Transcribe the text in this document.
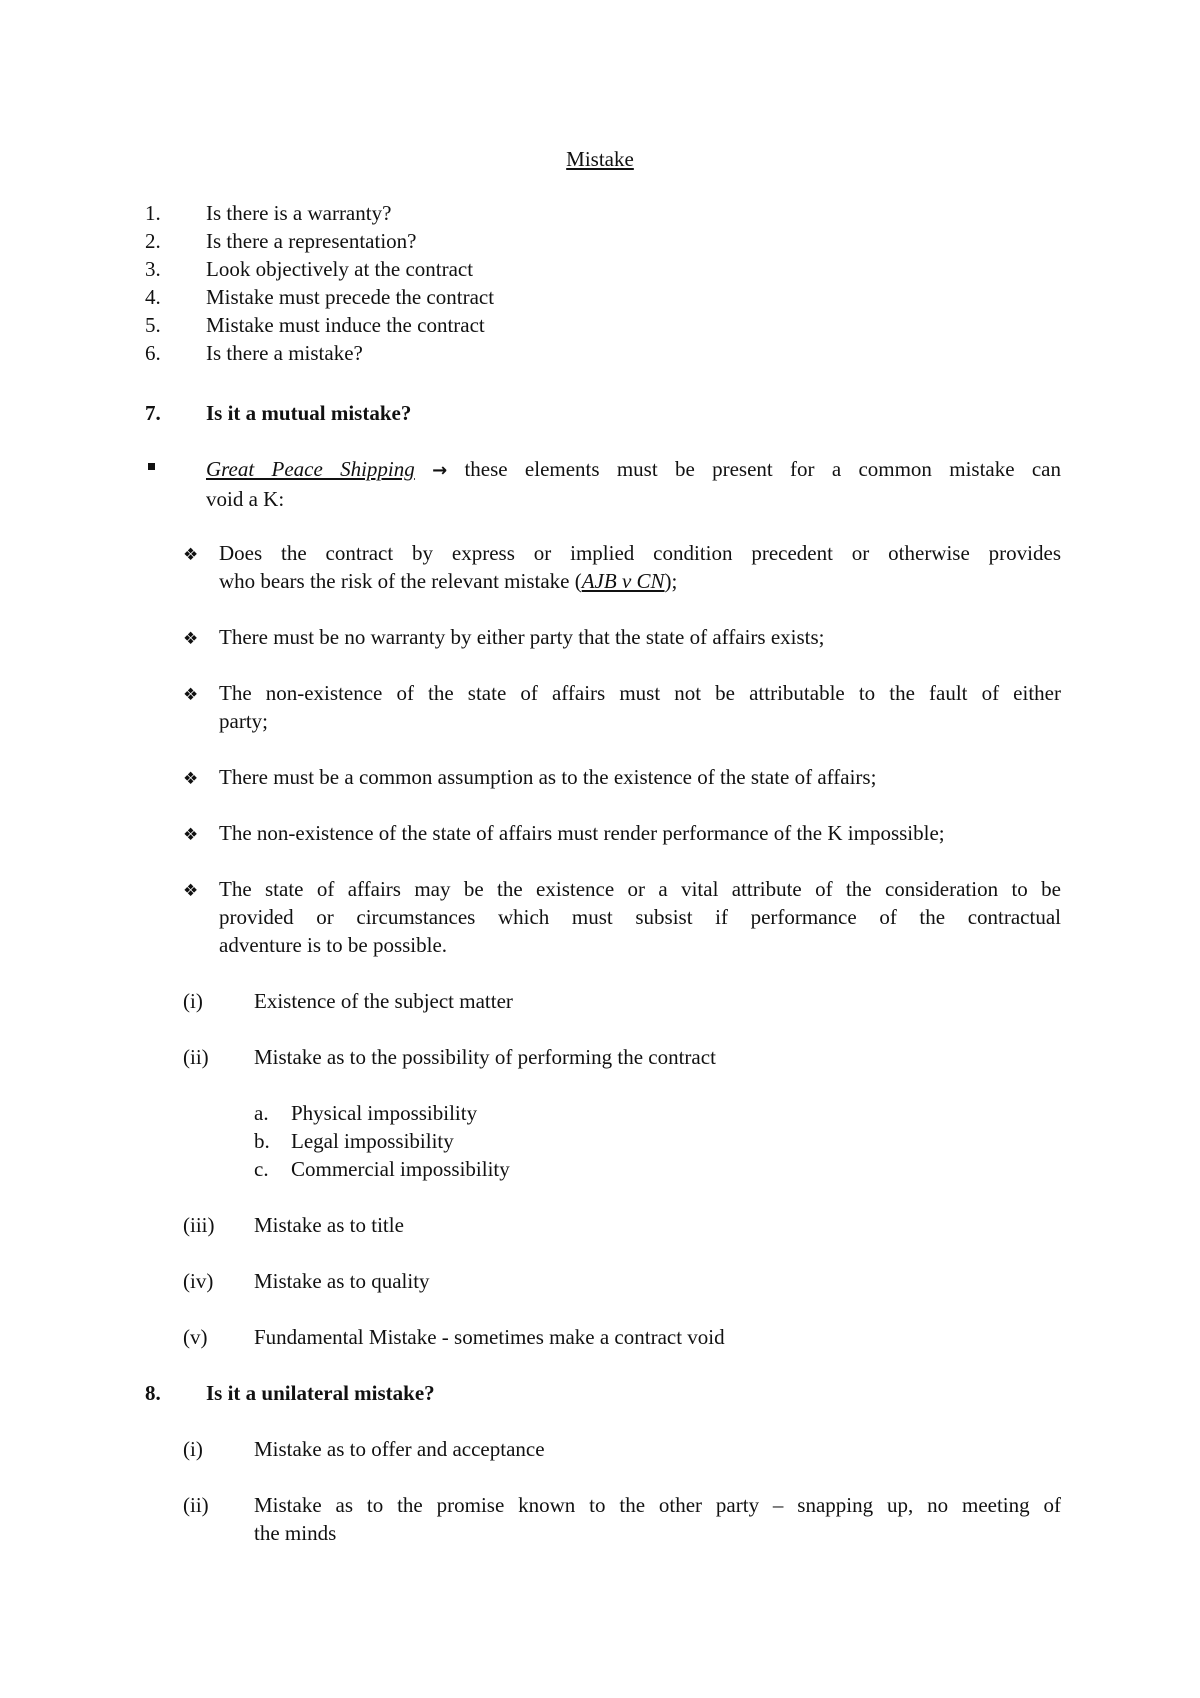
Mistake
1. Is there is a warranty?
2. Is there a representation?
3. Look objectively at the contract
4. Mistake must precede the contract
5. Mistake must induce the contract
6. Is there a mistake?
7. Is it a mutual mistake?
Great Peace Shipping → these elements must be present for a common mistake can
void a K:
❖ Does the contract by express or implied condition precedent or otherwise provides
who bears the risk of the relevant mistake (AJB v CN);
❖ There must be no warranty by either party that the state of affairs exists;
❖ The non-existence of the state of affairs must not be attributable to the fault of either
party;
❖ There must be a common assumption as to the existence of the state of affairs;
❖ The non-existence of the state of affairs must render performance of the K impossible;
❖ The state of affairs may be the existence or a vital attribute of the consideration to be
provided or circumstances which must subsist if performance of the contractual
adventure is to be possible.
(i) Existence of the subject matter
(ii) Mistake as to the possibility of performing the contract
a. Physical impossibility
b. Legal impossibility
c. Commercial impossibility
(iii) Mistake as to title
(iv) Mistake as to quality
(v) Fundamental Mistake - sometimes make a contract void
8. Is it a unilateral mistake?
(i) Mistake as to offer and acceptance
(ii) Mistake as to the promise known to the other party – snapping up, no meeting of
the minds
